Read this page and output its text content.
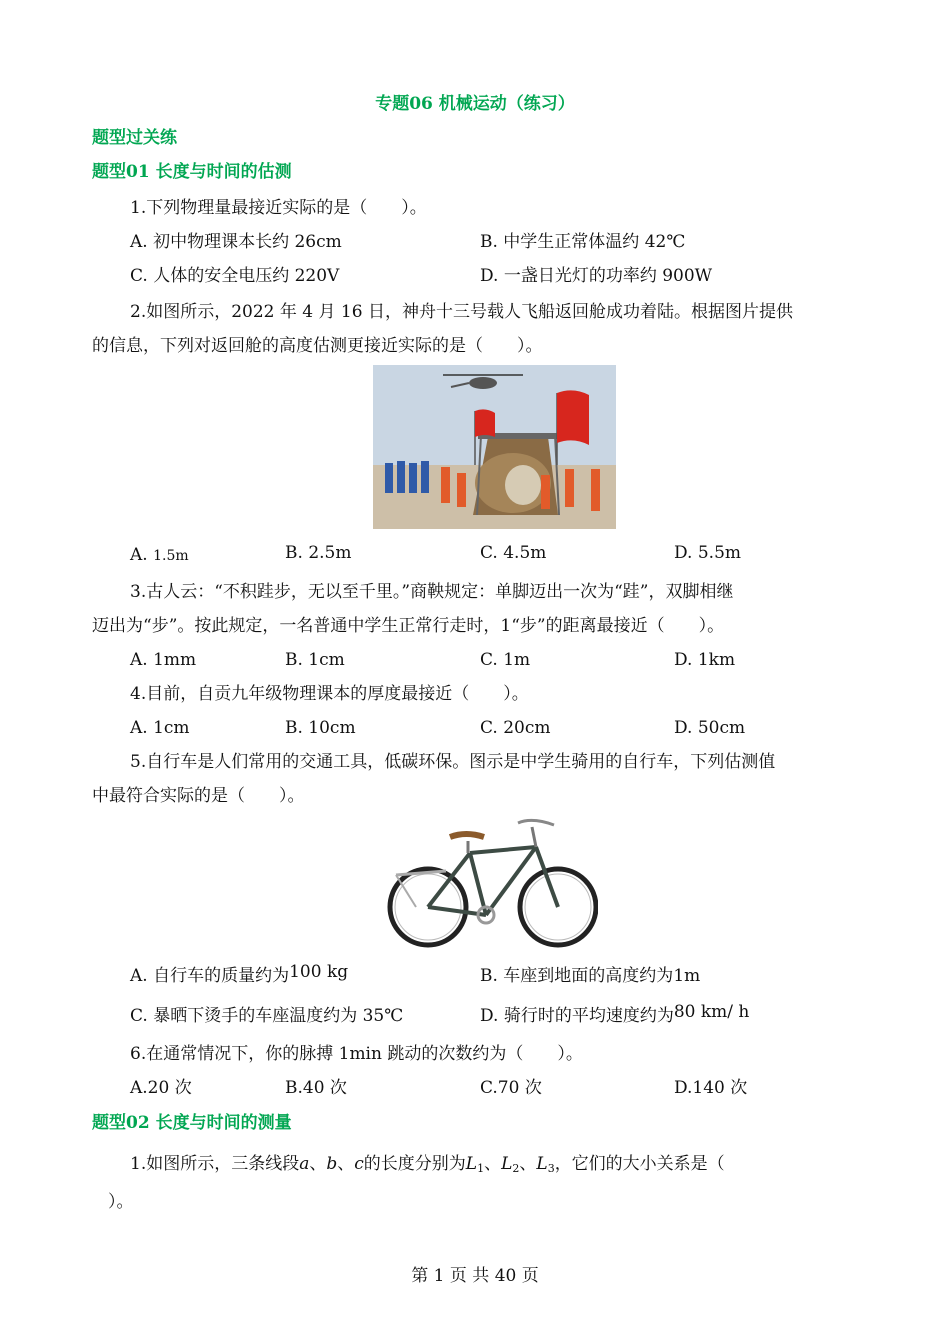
专题06 机械运动（练习）
题型过关练
题型01 长度与时间的估测
1.下列物理量最接近实际的是（　　）。
A. 初中物理课本长约 26cm	B. 中学生正常体温约 42℃
C. 人体的安全电压约 220V	D. 一盏日光灯的功率约 900W
2.如图所示，2022 年 4 月 16 日，神舟十三号载人飞船返回舱成功着陆。根据图片提供
的信息，下列对返回舱的高度估测更接近实际的是（　　）。
A. 1.5m	B. 2.5m	C. 4.5m	D. 5.5m
3.古人云：“不积跬步，无以至千里。”商鞅规定：单脚迈出一次为“跬”，双脚相继
迈出为“步”。按此规定，一名普通中学生正常行走时，1“步”的距离最接近（　　）。
A. 1mm	B. 1cm	C. 1m	D. 1km
4.目前，自贡九年级物理课本的厚度最接近（　　）。
A. 1cm	B. 10cm	C. 20cm	D. 50cm
5.自行车是人们常用的交通工具，低碳环保。图示是中学生骑用的自行车，下列估测值
中最符合实际的是（　　）。
A. 自行车的质量约为100 kg	B. 车座到地面的高度约为1m
C. 暴晒下烫手的车座温度约为 35℃	D. 骑行时的平均速度约为80 km/ h
6.在通常情况下，你的脉搏 1min 跳动的次数约为（　　）。
A.20 次	B.40 次	C.70 次	D.140 次
题型02 长度与时间的测量
1.如图所示，三条线段a、b、c的长度分别为$L_1$、$L_2$、$L_3$，它们的大小关系是（
）。
第 1 页 共 40 页
